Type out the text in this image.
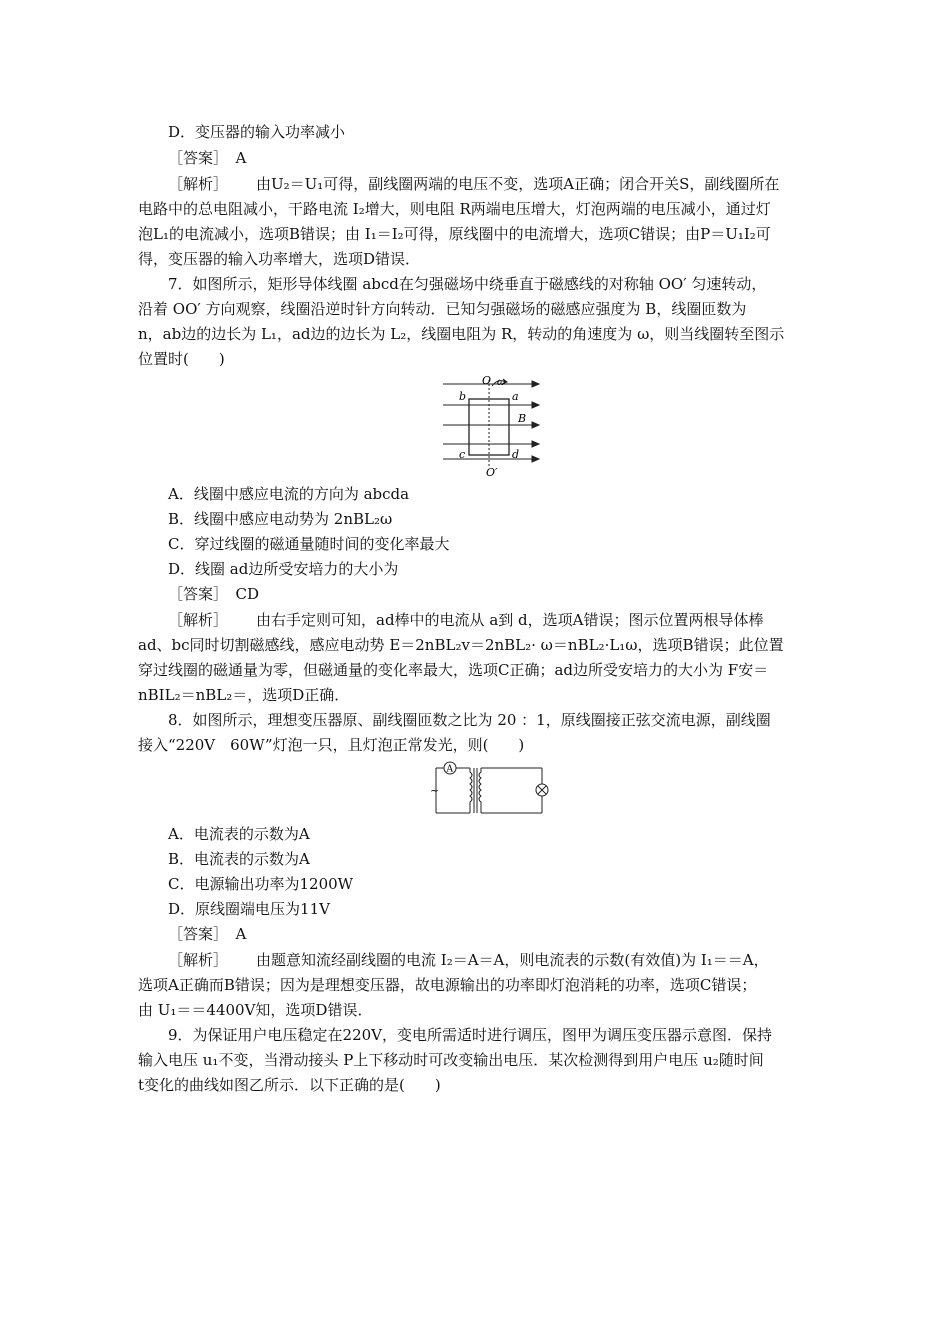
D．变压器的输入功率减小
［答案］　A
［解析］ 由U₂＝U₁可得，副线圈两端的电压不变，选项A正确；闭合开关S，副线圈所在
电路中的总电阻减小，干路电流 I₂增大，则电阻 R两端电压增大，灯泡两端的电压减小，通过灯
泡L₁的电流减小，选项B错误；由 I₁＝I₂可得，原线圈中的电流增大，选项C错误；由P＝U₁I₂可
得，变压器的输入功率增大，选项D错误．
7．如图所示，矩形导体线圈 abcd在匀强磁场中绕垂直于磁感线的对称轴 OO′ 匀速转动，
沿着 OO′ 方向观察，线圈沿逆时针方向转动．已知匀强磁场的磁感应强度为 B，线圈匝数为
n，ab边的边长为 L₁，ad边的边长为 L₂，线圈电阻为 R，转动的角速度为 ω，则当线圈转至图示
位置时(　　)
O ω
b	a
B
c	d
O′
A．线圈中感应电流的方向为 abcda
B．线圈中感应电动势为 2nBL₂ω
C．穿过线圈的磁通量随时间的变化率最大
D．线圈 ad边所受安培力的大小为
［答案］　CD
［解析］ 由右手定则可知，ad棒中的电流从 a到 d，选项A错误；图示位置两根导体棒
ad、bc同时切割磁感线，感应电动势 E＝2nBL₂v＝2nBL₂· ω＝nBL₂·L₁ω，选项B错误；此位置
穿过线圈的磁通量为零，但磁通量的变化率最大，选项C正确；ad边所受安培力的大小为 F安＝
nBIL₂＝nBL₂＝，选项D正确．
8．如图所示，理想变压器原、副线圈匝数之比为 20 ：1，原线圈接正弦交流电源，副线圈
接入“220V　60W”灯泡一只，且灯泡正常发光，则(　　)
A
~
A．电流表的示数为A
B．电流表的示数为A
C．电源输出功率为1200W
D．原线圈端电压为11V
［答案］　A
［解析］ 由题意知流经副线圈的电流 I₂＝A＝A，则电流表的示数(有效值)为 I₁＝＝A，
选项A正确而B错误；因为是理想变压器，故电源输出的功率即灯泡消耗的功率，选项C错误；
由 U₁＝＝4400V知，选项D错误．
9．为保证用户电压稳定在220V，变电所需适时进行调压，图甲为调压变压器示意图．保持
输入电压 u₁不变，当滑动接头 P上下移动时可改变输出电压．某次检测得到用户电压 u₂随时间
t变化的曲线如图乙所示．以下正确的是(　　)
